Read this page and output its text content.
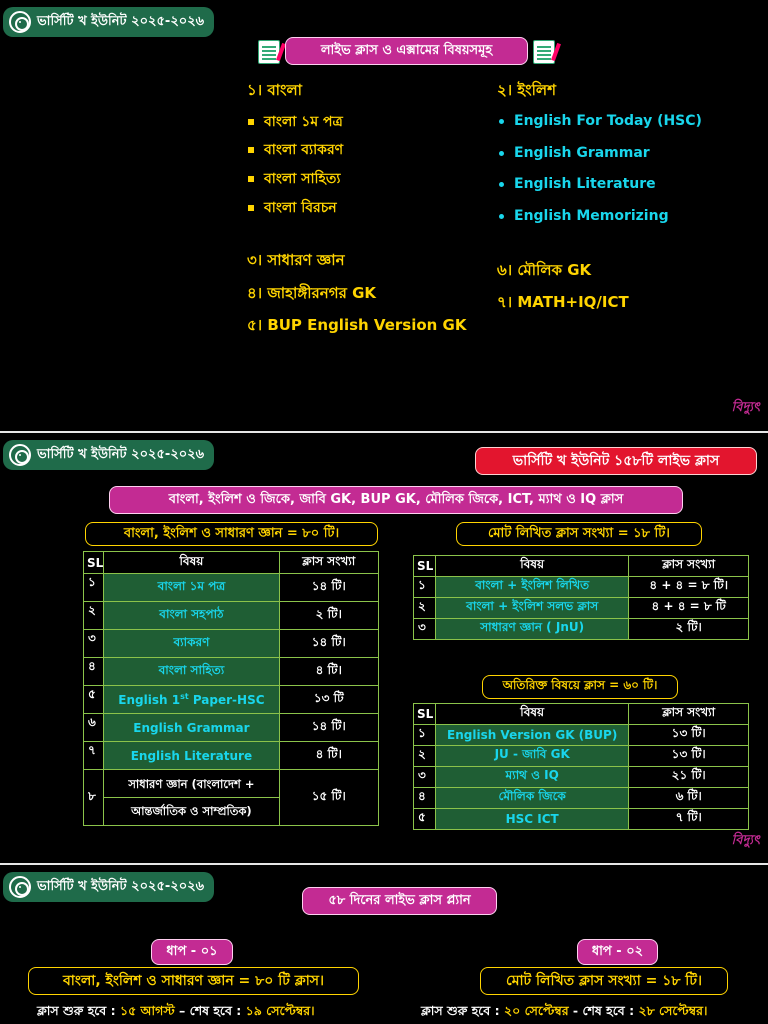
ভার্সিটি খ ইউনিট ২০২৫-২০২৬
লাইভ ক্লাস ও এক্সামের বিষয়সমূহ
১। বাংলা
বাংলা ১ম পত্র
বাংলা ব্যাকরণ
বাংলা সাহিত্য
বাংলা বিরচন
২। ইংলিশ
English For Today (HSC)
English Grammar
English Literature
English Memorizing
৩। সাধারণ জ্ঞান
৪। জাহাঙ্গীরনগর GK
৫। BUP English Version GK
৬। মৌলিক GK
৭। MATH+IQ/ICT
বিদ্যুৎ
ভার্সিটি খ ইউনিট ২০২৫-২০২৬	ভার্সিটি খ ইউনিট ১৫৮টি লাইভ ক্লাস
বাংলা, ইংলিশ ও জিকে, জাবি GK, BUP GK, মৌলিক জিকে, ICT, ম্যাথ ও IQ ক্লাস
বাংলা, ইংলিশ ও সাধারণ জ্ঞান = ৮০ টি।	মোট লিখিত ক্লাস সংখ্যা = ১৮ টি।
SL	বিষয়	ক্লাস সংখ্যা
১	বাংলা ১ম পত্র	১৪ টি।
২	বাংলা সহপাঠ	২ টি।
৩	ব্যাকরণ	১৪ টি।
৪	বাংলা সাহিত্য	৪ টি।
৫	English 1st Paper-HSC	১৩ টি
৬	English Grammar	১৪ টি।
৭	English Literature	৪ টি।
৮	সাধারণ জ্ঞান (বাংলাদেশ +
আন্তর্জাতিক ও সাম্প্রতিক)	১৫ টি।
SL	বিষয়	ক্লাস সংখ্যা
১	বাংলা + ইংলিশ লিখিত	৪ + ৪ = ৮ টি।
২	বাংলা + ইংলিশ সলভ ক্লাস	৪ + ৪ = ৮ টি
৩	সাধারণ জ্ঞান ( JnU)	২ টি।
অতিরিক্ত বিষয়ে ক্লাস = ৬০ টি।
SL	বিষয়	ক্লাস সংখ্যা
১	English Version GK (BUP)	১৩ টি।
২	JU - জাবি GK	১৩ টি।
৩	ম্যাথ ও IQ	২১ টি।
৪	মৌলিক জিকে	৬ টি।
৫	HSC ICT	৭ টি।
বিদ্যুৎ
ভার্সিটি খ ইউনিট ২০২৫-২০২৬
৫৮ দিনের লাইভ ক্লাস প্ল্যান
ধাপ - ০১
বাংলা, ইংলিশ ও সাধারণ জ্ঞান = ৮০ টি ক্লাস।
ক্লাস শুরু হবে : ১৫ আগস্ট – শেষ হবে : ১৯ সেপ্টেম্বর।
ধাপ - ০২
মোট লিখিত ক্লাস সংখ্যা = ১৮ টি।
ক্লাস শুরু হবে : ২০ সেপ্টেম্বর - শেষ হবে : ২৮ সেপ্টেম্বর।
